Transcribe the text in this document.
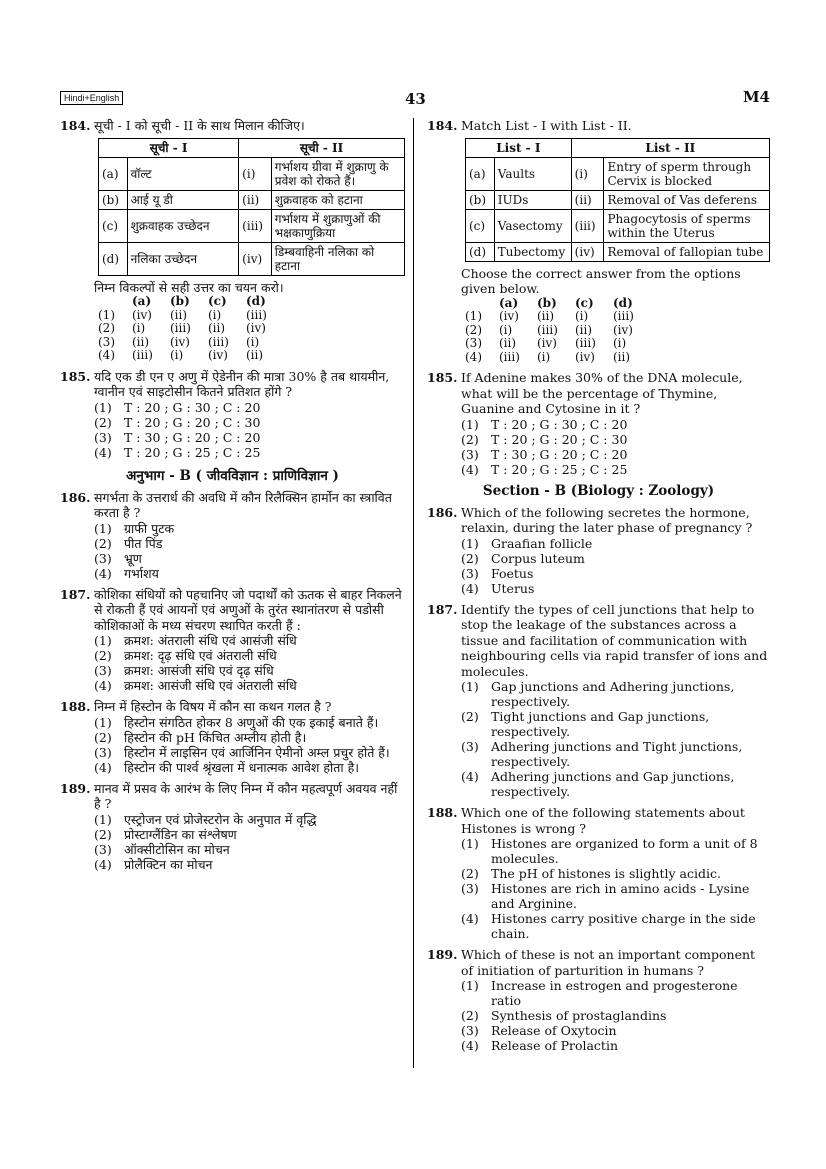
Hindi+English	43	M4
184. सूची - I को सूची - II के साथ मिलान कीजिए।
सूची - I		सूची - II	
(a)	वॉल्ट	(i)	गर्भाशय ग्रीवा में शुक्राणु के प्रवेश को रोकते हैं।
(b)	आई यू डी	(ii)	शुक्रवाहक को हटाना
(c)	शुक्रवाहक उच्छेदन	(iii)	गर्भाशय में शुक्राणुओं की भक्षकाणुक्रिया
(d)	नलिका उच्छेदन	(iv)	डिम्बवाहिनी नलिका को हटाना
निम्न विकल्पों से सही उत्तर का चयन करो।
(a)	(b)	(c)	(d)
(1)	(iv)	(ii)	(i)	(iii)
(2)	(i)	(iii)	(ii)	(iv)
(3)	(ii)	(iv)	(iii)	(i)
(4)	(iii)	(i)	(iv)	(ii)
185. यदि एक डी एन ए अणु में ऐडेनीन की मात्रा 30% है तब थायमीन, ग्वानीन एवं साइटोसीन कितने प्रतिशत होंगे ?
(1) T : 20 ; G : 30 ; C : 20
(2) T : 20 ; G : 20 ; C : 30
(3) T : 30 ; G : 20 ; C : 20
(4) T : 20 ; G : 25 ; C : 25
अनुभाग - B ( जीवविज्ञान : प्राणिविज्ञान )
186. सगर्भता के उत्तरार्ध की अवधि में कौन रिलैक्सिन हार्मोन का स्त्रावित करता है ?
(1) ग्राफी पुटक
(2) पीत पिंड
(3) भ्रूण
(4) गर्भाशय
187. कोशिका संधियों को पहचानिए जो पदार्थों को ऊतक से बाहर निकलने से रोकती हैं एवं आयनों एवं अणुओं के तुरंत स्थानांतरण से पडोसी कोशिकाओं के मध्य संचरण स्थापित करती हैं :
(1) क्रमश: अंतराली संधि एवं आसंजी संधि
(2) क्रमश: दृढ़ संधि एवं अंतराली संधि
(3) क्रमश: आसंजी संधि एवं दृढ़ संधि
(4) क्रमश: आसंजी संधि एवं अंतराली संधि
188. निम्न में हिस्टोन के विषय में कौन सा कथन गलत है ?
(1) हिस्टोन संगठित होकर 8 अणुओं की एक इकाई बनाते हैं।
(2) हिस्टोन की pH किंचित अम्लीय होती है।
(3) हिस्टोन में लाइसिन एवं आर्जिनिन ऐमीनो अम्ल प्रचुर होते हैं।
(4) हिस्टोन की पार्श्व श्रृंखला में धनात्मक आवेश होता है।
189. मानव में प्रसव के आरंभ के लिए निम्न में कौन महत्वपूर्ण अवयव नहीं है ?
(1) एस्ट्रोजन एवं प्रोजेस्टरोन के अनुपात में वृद्धि
(2) प्रोस्टाग्लैंडिन का संश्लेषण
(3) ऑक्सीटोसिन का मोचन
(4) प्रोलैक्टिन का मोचन
184. Match List - I with List - II.
List - I		List - II	
(a)	Vaults	(i)	Entry of sperm through Cervix is blocked
(b)	IUDs	(ii)	Removal of Vas deferens
(c)	Vasectomy	(iii)	Phagocytosis of sperms within the Uterus
(d)	Tubectomy	(iv)	Removal of fallopian tube
Choose the correct answer from the options given below.
(a)	(b)	(c)	(d)
(1)	(iv)	(ii)	(i)	(iii)
(2)	(i)	(iii)	(ii)	(iv)
(3)	(ii)	(iv)	(iii)	(i)
(4)	(iii)	(i)	(iv)	(ii)
185. If Adenine makes 30% of the DNA molecule, what will be the percentage of Thymine, Guanine and Cytosine in it ?
(1) T : 20 ; G : 30 ; C : 20
(2) T : 20 ; G : 20 ; C : 30
(3) T : 30 ; G : 20 ; C : 20
(4) T : 20 ; G : 25 ; C : 25
Section - B (Biology : Zoology)
186. Which of the following secretes the hormone, relaxin, during the later phase of pregnancy ?
(1) Graafian follicle
(2) Corpus luteum
(3) Foetus
(4) Uterus
187. Identify the types of cell junctions that help to stop the leakage of the substances across a tissue and facilitation of communication with neighbouring cells via rapid transfer of ions and molecules.
(1) Gap junctions and Adhering junctions, respectively.
(2) Tight junctions and Gap junctions, respectively.
(3) Adhering junctions and Tight junctions, respectively.
(4) Adhering junctions and Gap junctions, respectively.
188. Which one of the following statements about Histones is wrong ?
(1) Histones are organized to form a unit of 8 molecules.
(2) The pH of histones is slightly acidic.
(3) Histones are rich in amino acids - Lysine and Arginine.
(4) Histones carry positive charge in the side chain.
189. Which of these is not an important component of initiation of parturition in humans ?
(1) Increase in estrogen and progesterone ratio
(2) Synthesis of prostaglandins
(3) Release of Oxytocin
(4) Release of Prolactin
